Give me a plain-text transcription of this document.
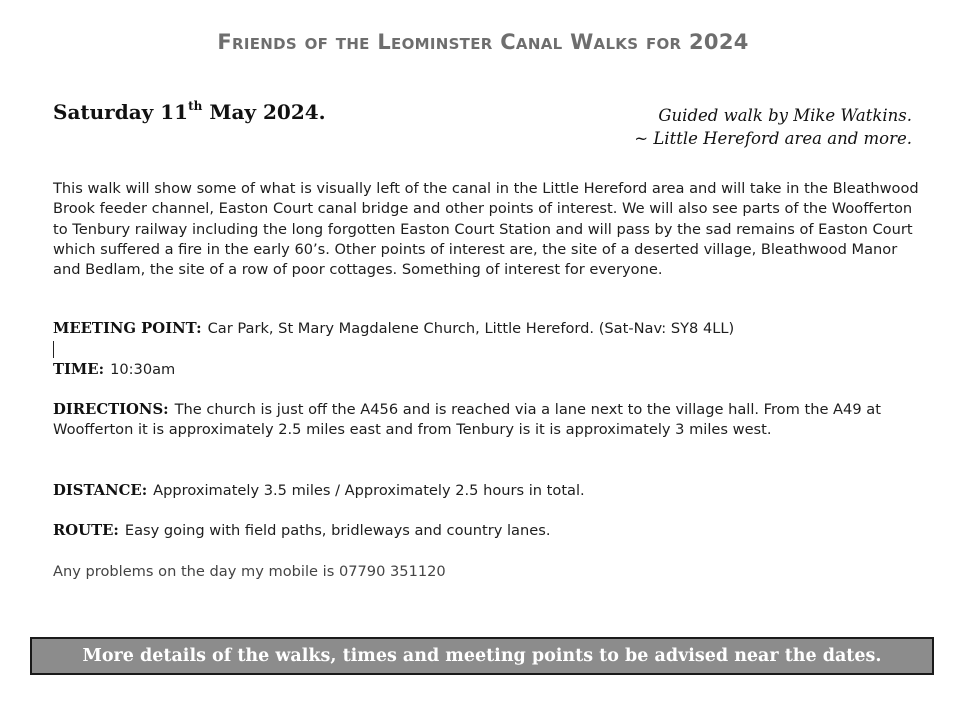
Friends of the Leominster Canal Walks for 2024
Saturday 11th May 2024.	Guided walk by Mike Watkins.
~ Little Hereford area and more.

This walk will show some of what is visually left of the canal in the Little Hereford area and will take in the Bleathwood Brook feeder channel, Easton Court canal bridge and other points of interest. We will also see parts of the Woofferton to Tenbury railway including the long forgotten Easton Court Station and will pass by the sad remains of Easton Court which suffered a fire in the early 60’s. Other points of interest are, the site of a deserted village, Bleathwood Manor and Bedlam, the site of a row of poor cottages. Something of interest for everyone.

MEETING POINT: Car Park, St Mary Magdalene Church, Little Hereford. (Sat-Nav: SY8 4LL)

TIME: 10:30am

DIRECTIONS: The church is just off the A456 and is reached via a lane next to the village hall. From the A49 at Woofferton it is approximately 2.5 miles east and from Tenbury is it is approximately 3 miles west.

DISTANCE: Approximately 3.5 miles / Approximately 2.5 hours in total.

ROUTE: Easy going with field paths, bridleways and country lanes.

Any problems on the day my mobile is 07790 351120

More details of the walks, times and meeting points to be advised near the dates.
